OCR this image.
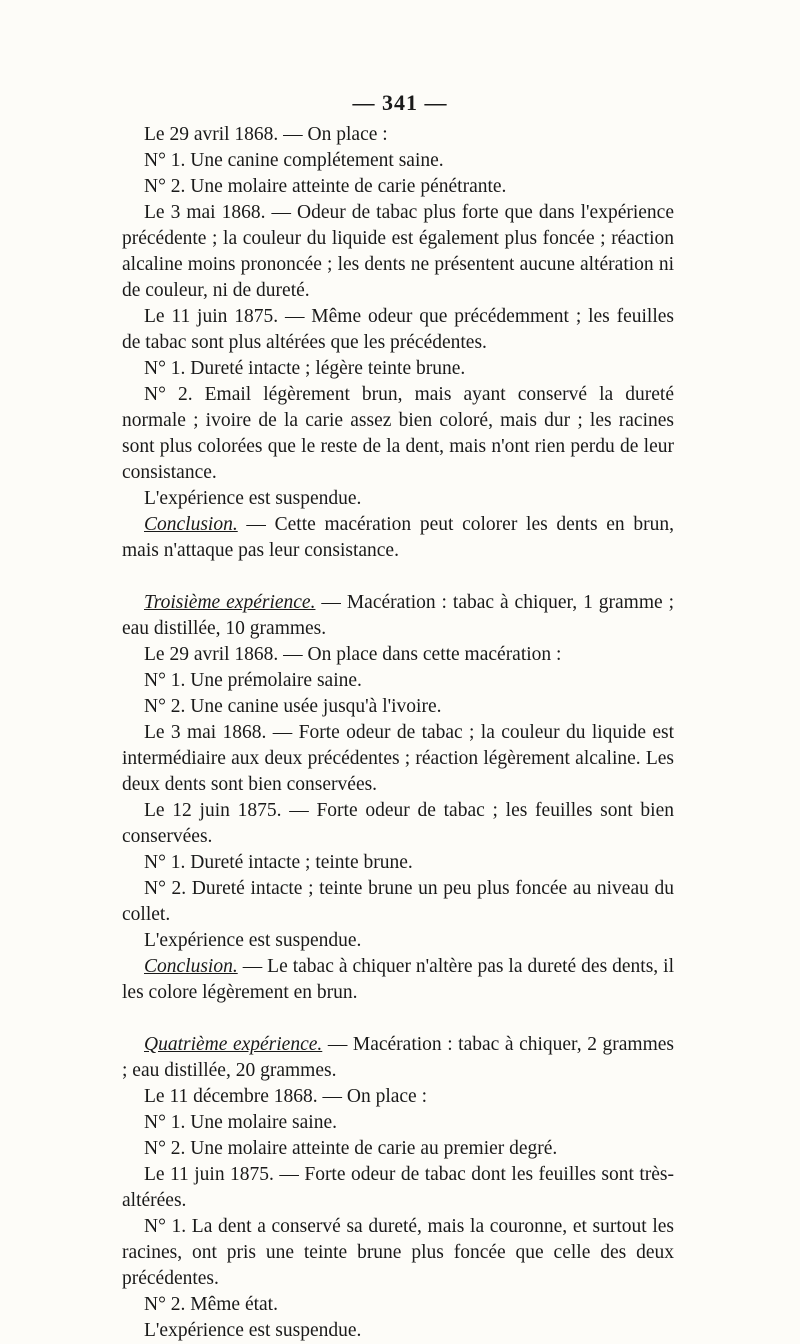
— 341 —

Le 29 avril 1868. — On place :

N° 1. Une canine complétement saine.

N° 2. Une molaire atteinte de carie pénétrante.

Le 3 mai 1868. — Odeur de tabac plus forte que dans l'expérience précédente ; la couleur du liquide est également plus foncée ; réaction alcaline moins prononcée ; les dents ne présentent aucune altération ni de couleur, ni de dureté.

Le 11 juin 1875. — Même odeur que précédemment ; les feuilles de tabac sont plus altérées que les précédentes.

N° 1. Dureté intacte ; légère teinte brune.

N° 2. Email légèrement brun, mais ayant conservé la dureté normale ; ivoire de la carie assez bien coloré, mais dur ; les racines sont plus colorées que le reste de la dent, mais n'ont rien perdu de leur consistance.

L'expérience est suspendue.

Conclusion. — Cette macération peut colorer les dents en brun, mais n'attaque pas leur consistance.

Troisième expérience. — Macération : tabac à chiquer, 1 gramme ; eau distillée, 10 grammes.

Le 29 avril 1868. — On place dans cette macération :

N° 1. Une prémolaire saine.

N° 2. Une canine usée jusqu'à l'ivoire.

Le 3 mai 1868. — Forte odeur de tabac ; la couleur du liquide est intermédiaire aux deux précédentes ; réaction légèrement alcaline. Les deux dents sont bien conservées.

Le 12 juin 1875. — Forte odeur de tabac ; les feuilles sont bien conservées.

N° 1. Dureté intacte ; teinte brune.

N° 2. Dureté intacte ; teinte brune un peu plus foncée au niveau du collet.

L'expérience est suspendue.

Conclusion. — Le tabac à chiquer n'altère pas la dureté des dents, il les colore légèrement en brun.

Quatrième expérience. — Macération : tabac à chiquer, 2 grammes ; eau distillée, 20 grammes.

Le 11 décembre 1868. — On place :

N° 1. Une molaire saine.

N° 2. Une molaire atteinte de carie au premier degré.

Le 11 juin 1875. — Forte odeur de tabac dont les feuilles sont très-altérées.

N° 1. La dent a conservé sa dureté, mais la couronne, et surtout les racines, ont pris une teinte brune plus foncée que celle des deux précédentes.

N° 2. Même état.

L'expérience est suspendue.
